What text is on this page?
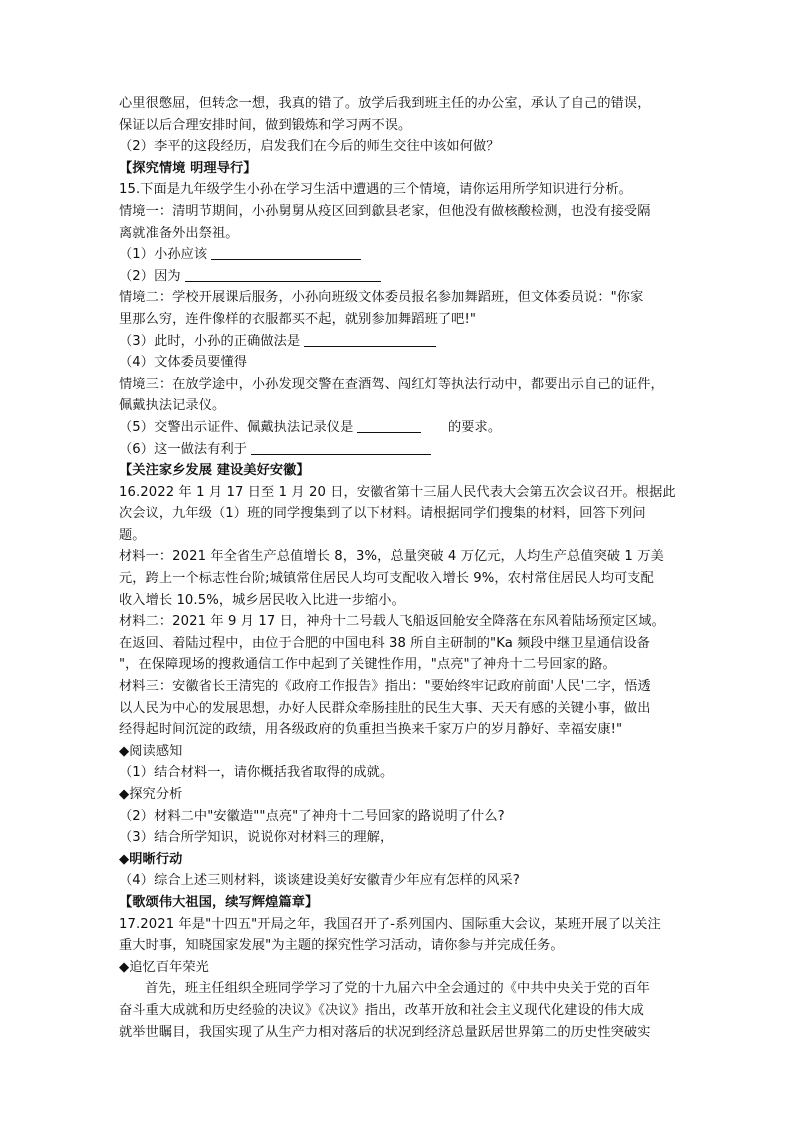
心里很憋屈，但转念一想，我真的错了。放学后我到班主任的办公室，承认了自己的错误，
保证以后合理安排时间，做到锻炼和学习两不误。
（2）李平的这段经历，启发我们在今后的师生交往中该如何做？
【探究情境 明理导行】
15.下面是九年级学生小孙在学习生活中遭遇的三个情境，请你运用所学知识进行分析。
情境一：清明节期间，小孙舅舅从疫区回到歙县老家，但他没有做核酸检测，也没有接受隔
离就准备外出祭祖。
（1）小孙应该
（2）因为
情境二：学校开展课后服务，小孙向班级文体委员报名参加舞蹈班，但文体委员说："你家
里那么穷，连件像样的衣服都买不起，就别参加舞蹈班了吧!"
（3）此时，小孙的正确做法是
（4）文体委员要懂得
情境三：在放学途中，小孙发现交警在查酒驾、闯红灯等执法行动中，都要出示自己的证件，
佩戴执法记录仪。
（5）交警出示证件、佩戴执法记录仪是	　　的要求。
（6）这一做法有利于
【关注家乡发展 建设美好安徽】
16.2022 年 1 月 17 日至 1 月 20 日，安徽省第十三届人民代表大会第五次会议召开。根据此
次会议，九年级（1）班的同学搜集到了以下材料。请根据同学们搜集的材料，回答下列问
题。
材料一：2021 年全省生产总值增长 8，3%，总量突破 4 万亿元，人均生产总值突破 1 万美
元，跨上一个标志性台阶;城镇常住居民人均可支配收入增长 9%，农村常住居民人均可支配
收入增长 10.5%，城乡居民收入比进一步缩小。
材料二：2021 年 9 月 17 日，神舟十二号载人飞船返回舱安全降落在东风着陆场预定区域。
在返回、着陆过程中，由位于合肥的中国电科 38 所自主研制的"Ka 频段中继卫星通信设备
"，在保障现场的搜救通信工作中起到了关键性作用，"点亮"了神舟十二号回家的路。
材料三：安徽省长王清宪的《政府工作报告》指出："要始终牢记政府前面'人民'二字，悟透
以人民为中心的发展思想，办好人民群众牵肠挂肚的民生大事、天天有感的关键小事，做出
经得起时间沉淀的政绩，用各级政府的负重担当换来千家万户的岁月静好、幸福安康!"
◆阅读感知
（1）结合材料一，请你概括我省取得的成就。
◆探究分析
（2）材料二中"安徽造""点亮"了神舟十二号回家的路说明了什么?
（3）结合所学知识，说说你对材料三的理解，
◆明晰行动
（4）综合上述三则材料，谈谈建设美好安徽青少年应有怎样的风采?
【歌颂伟大祖国，续写辉煌篇章】
17.2021 年是"十四五"开局之年，我国召开了-系列国内、国际重大会议，某班开展了以关注
重大时事，知晓国家发展"为主题的探究性学习活动，请你参与并完成任务。
◆追忆百年荣光
首先，班主任组织全班同学学习了党的十九届六中全会通过的《中共中央关于党的百年
奋斗重大成就和历史经验的决议》《决议》指出，改革开放和社会主义现代化建设的伟大成
就举世瞩目，我国实现了从生产力相对落后的状况到经济总量跃居世界第二的历史性突破实
